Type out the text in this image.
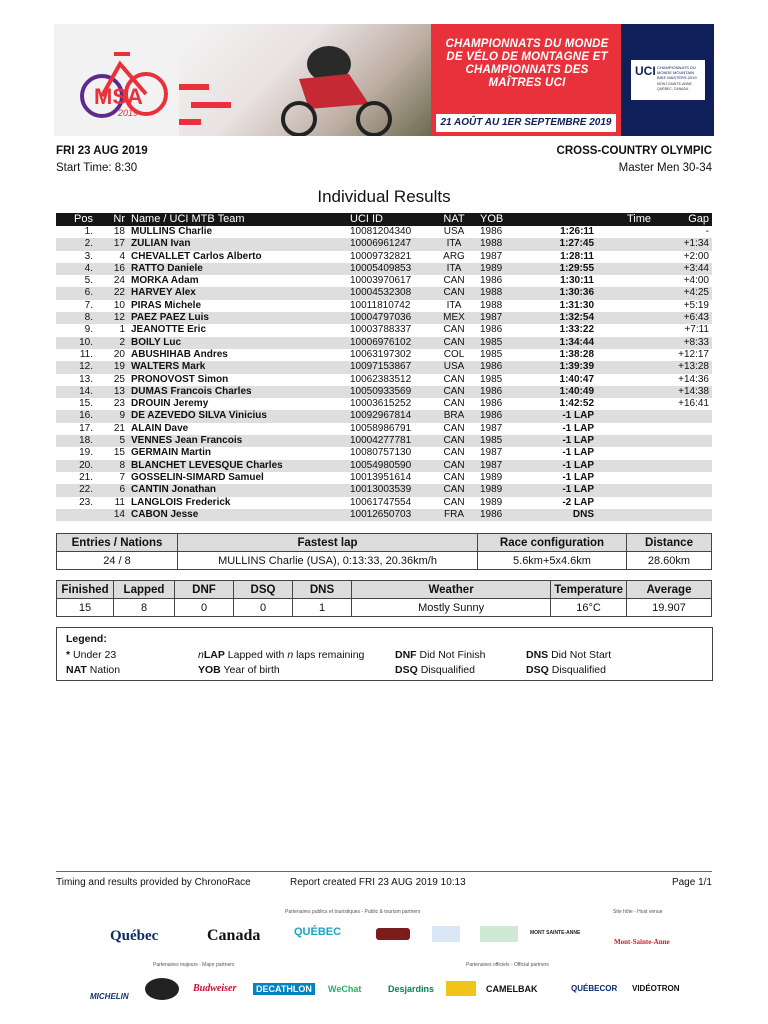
MSA
2019
CHAMPIONNATS DU MONDE DE VÉLO DE MONTAGNE ET CHAMPIONNATS DES MAÎTRES UCI
21 AOÛT AU 1ER SEPTEMBRE 2019
UCI CHAMPIONNATS DU MONDE MOUNTAIN BIKE MASTERS 2019
MONT-SAINTE-ANNE QUÉBEC, CANADA
FRI 23 AUG 2019
Start Time: 8:30
CROSS-COUNTRY OLYMPIC
Master Men 30-34
Individual Results
Pos	Nr	Name / UCI MTB Team	UCI ID	NAT	YOB	Time	Gap
1.	18	MULLINS Charlie	10081204340	USA	1986	1:26:11	-
2.	17	ZULIAN Ivan	10006961247	ITA	1988	1:27:45	+1:34
3.	4	CHEVALLET Carlos Alberto	10009732821	ARG	1987	1:28:11	+2:00
4.	16	RATTO Daniele	10005409853	ITA	1989	1:29:55	+3:44
5.	24	MORKA Adam	10003970617	CAN	1986	1:30:11	+4:00
6.	22	HARVEY Alex	10004532308	CAN	1988	1:30:36	+4:25
7.	10	PIRAS Michele	10011810742	ITA	1988	1:31:30	+5:19
8.	12	PAEZ PAEZ Luis	10004797036	MEX	1987	1:32:54	+6:43
9.	1	JEANOTTE Eric	10003788337	CAN	1986	1:33:22	+7:11
10.	2	BOILY Luc	10006976102	CAN	1985	1:34:44	+8:33
11.	20	ABUSHIHAB Andres	10063197302	COL	1985	1:38:28	+12:17
12.	19	WALTERS Mark	10097153867	USA	1986	1:39:39	+13:28
13.	25	PRONOVOST Simon	10062383512	CAN	1985	1:40:47	+14:36
14.	13	DUMAS Francois Charles	10050933569	CAN	1986	1:40:49	+14:38
15.	23	DROUIN Jeremy	10003615252	CAN	1986	1:42:52	+16:41
16.	9	DE AZEVEDO SILVA Vinicius	10092967814	BRA	1986	-1 LAP	
17.	21	ALAIN Dave	10058986791	CAN	1987	-1 LAP	
18.	5	VENNES Jean Francois	10004277781	CAN	1985	-1 LAP	
19.	15	GERMAIN Martin	10080757130	CAN	1987	-1 LAP	
20.	8	BLANCHET LEVESQUE Charles	10054980590	CAN	1987	-1 LAP	
21.	7	GOSSELIN-SIMARD Samuel	10013951614	CAN	1989	-1 LAP	
22.	6	CANTIN Jonathan	10013003539	CAN	1989	-1 LAP	
23.	11	LANGLOIS Frederick	10061747554	CAN	1989	-2 LAP	
	14	CABON Jesse	10012650703	FRA	1986	DNS	
Entries / Nations	Fastest lap	Race configuration	Distance
24 / 8	MULLINS Charlie (USA), 0:13:33, 20.36km/h	5.6km+5x4.6km	28.60km
Finished	Lapped	DNF	DSQ	DNS	Weather	Temperature	Average
15	8	0	0	1	Mostly Sunny	16°C	19.907
Legend:
* Under 23
NAT Nation
nLAP Lapped with n laps remaining
YOB Year of birth
DNF Did Not Finish
DSQ Disqualified
DNS Did Not Start
DSQ Disqualified
Timing and results provided by ChronoRace	Report created FRI 23 AUG 2019 10:13	Page 1/1
Partenaires publics et touristiques - Public & tourism partners	Site hôte - Host venue
Partenaires majeurs - Major partners	Partenaires officiels - Official partners
Québec	Canada	QUÉBEC	MONT SAINTE-ANNE
Mont-Sainte-Anne
MICHELIN
Budweiser	DECATHLON	WeChat	Desjardins	CAMELBAK	QUÉBECOR VIDÉOTRON
